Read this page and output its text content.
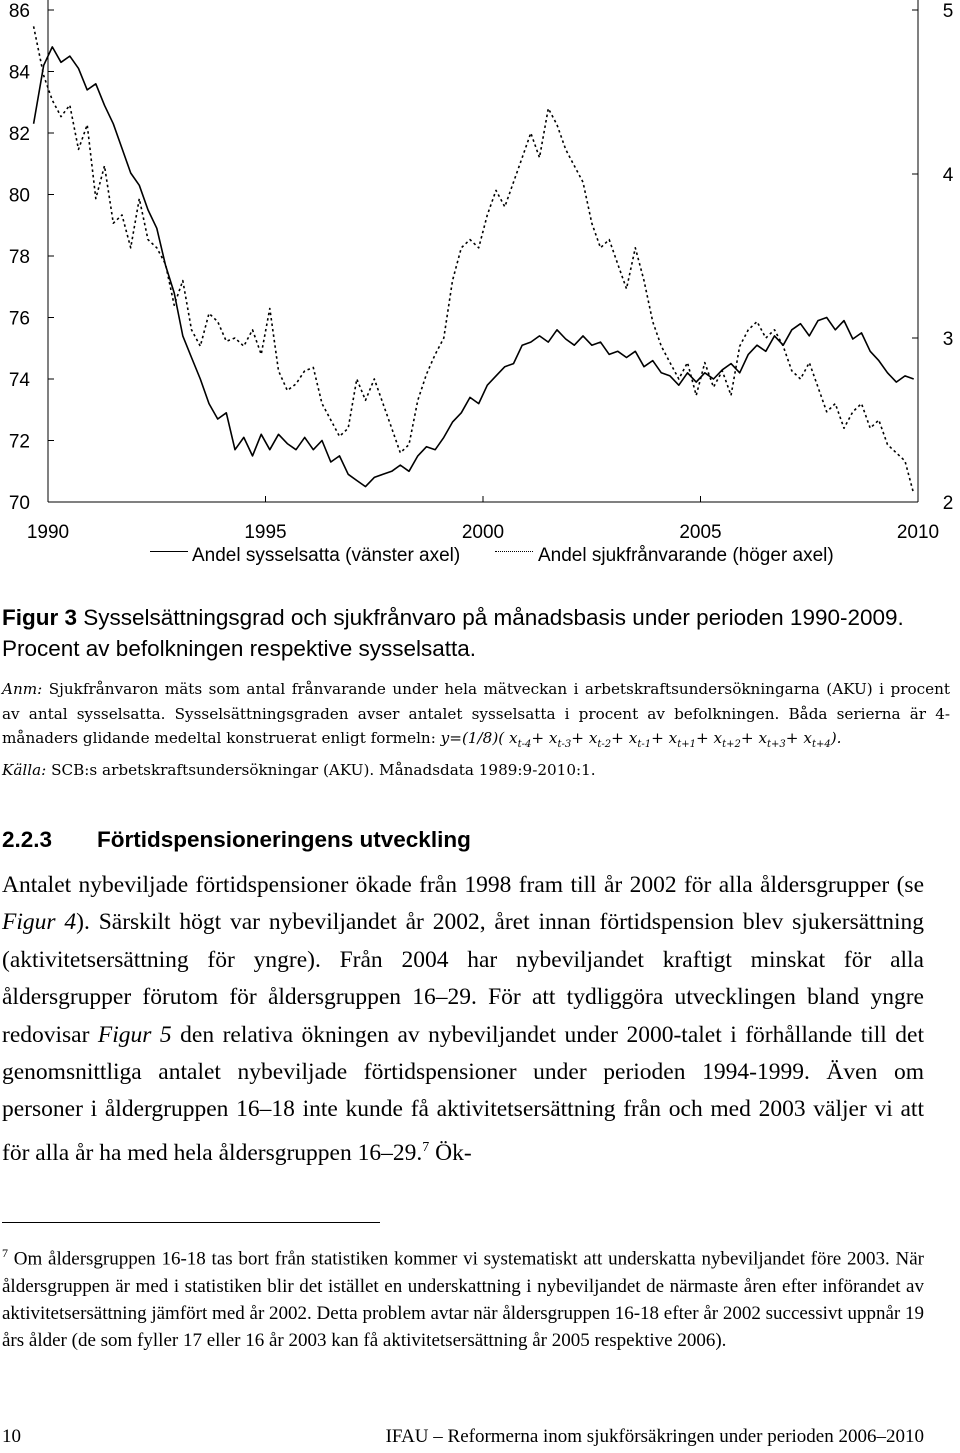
70
72
74
76
78
80
82
84
86
2
3
4
5
1990	1995	2000	2005	2010
Andel sysselsatta (vänster axel)	Andel sjukfrånvarande (höger axel)
Figur 3 Sysselsättningsgrad och sjukfrånvaro på månadsbasis under perioden 1990-2009. Procent av befolkningen respektive sysselsatta.
Anm: Sjukfrånvaron mäts som antal frånvarande under hela mätveckan i arbetskraftsundersökningarna (AKU) i procent av antal sysselsatta. Sysselsättningsgraden avser antalet sysselsatta i procent av befolkningen. Båda serierna är 4-månaders glidande medeltal konstruerat enligt formeln: y=(1/8)( $x_{t-4}+ x_{t-3}+ x_{t-2}+ x_{t-1}+ x_{t+1}+ x_{t+2}+ x_{t+3}+ x_{t+4}$).
Källa: SCB:s arbetskraftsundersökningar (AKU). Månadsdata 1989:9-2010:1.
2.2.3 Förtidspensioneringens utveckling
Antalet nybeviljade förtidspensioner ökade från 1998 fram till år 2002 för alla åldersgrupper (se Figur 4). Särskilt högt var nybeviljandet år 2002, året innan förtidspension blev sjukersättning (aktivitetsersättning för yngre). Från 2004 har nybeviljandet kraftigt minskat för alla åldersgrupper förutom för åldersgruppen 16–29. För att tydliggöra utvecklingen bland yngre redovisar Figur 5 den relativa ökningen av nybeviljandet under 2000-talet i förhållande till det genomsnittliga antalet nybeviljade förtidspensioner under perioden 1994-1999. Även om personer i åldergruppen 16–18 inte kunde få aktivitetsersättning från och med 2003 väljer vi att för alla år ha med hela åldersgruppen 16–29.$^7$ Ök-
$^7$ Om åldersgruppen 16-18 tas bort från statistiken kommer vi systematiskt att underskatta nybeviljandet före 2003. När åldersgruppen är med i statistiken blir det istället en underskattning i nybeviljandet de närmaste åren efter införandet av aktivitetsersättning jämfört med år 2002. Detta problem avtar när åldersgruppen 16-18 efter år 2002 successivt uppnår 19 års ålder (de som fyller 17 eller 16 år 2003 kan få aktivitetsersättning år 2005 respektive 2006).
10	IFAU – Reformerna inom sjukförsäkringen under perioden 2006–2010
